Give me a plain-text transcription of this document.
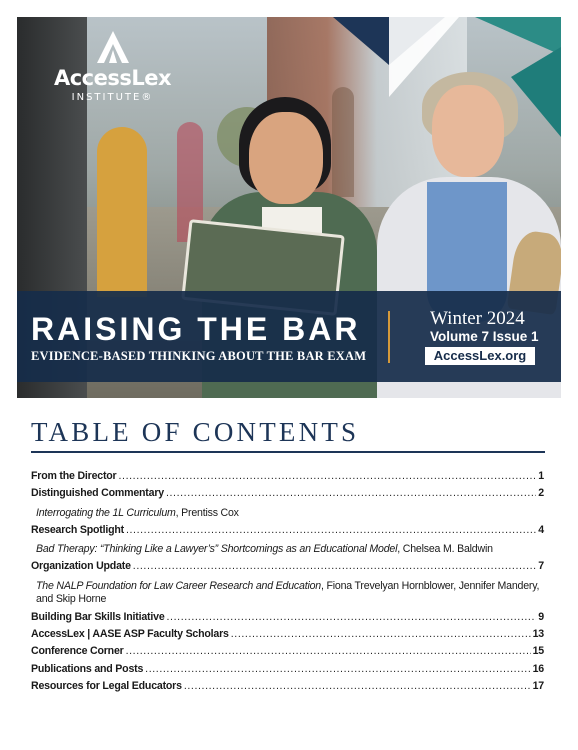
AccessLex
INSTITUTE®
RAISING THE BAR
EVIDENCE-BASED THINKING ABOUT THE BAR EXAM
Winter 2024
Volume 7 Issue 1
AccessLex.org
TABLE OF CONTENTS
From the Director .....	1
Distinguished Commentary .....	2
Interrogating the 1L Curriculum, Prentiss Cox
Research Spotlight .....	4
Bad Therapy: “Thinking Like a Lawyer’s” Shortcomings as an Educational Model, Chelsea M. Baldwin
Organization Update .....	7
The NALP Foundation for Law Career Research and Education, Fiona Trevelyan Hornblower, Jennifer Mandery, and Skip Horne
Building Bar Skills Initiative .....	9
AccessLex | AASE ASP Faculty Scholars .....	13
Conference Corner .....	15
Publications and Posts .....	16
Resources for Legal Educators .....	17
